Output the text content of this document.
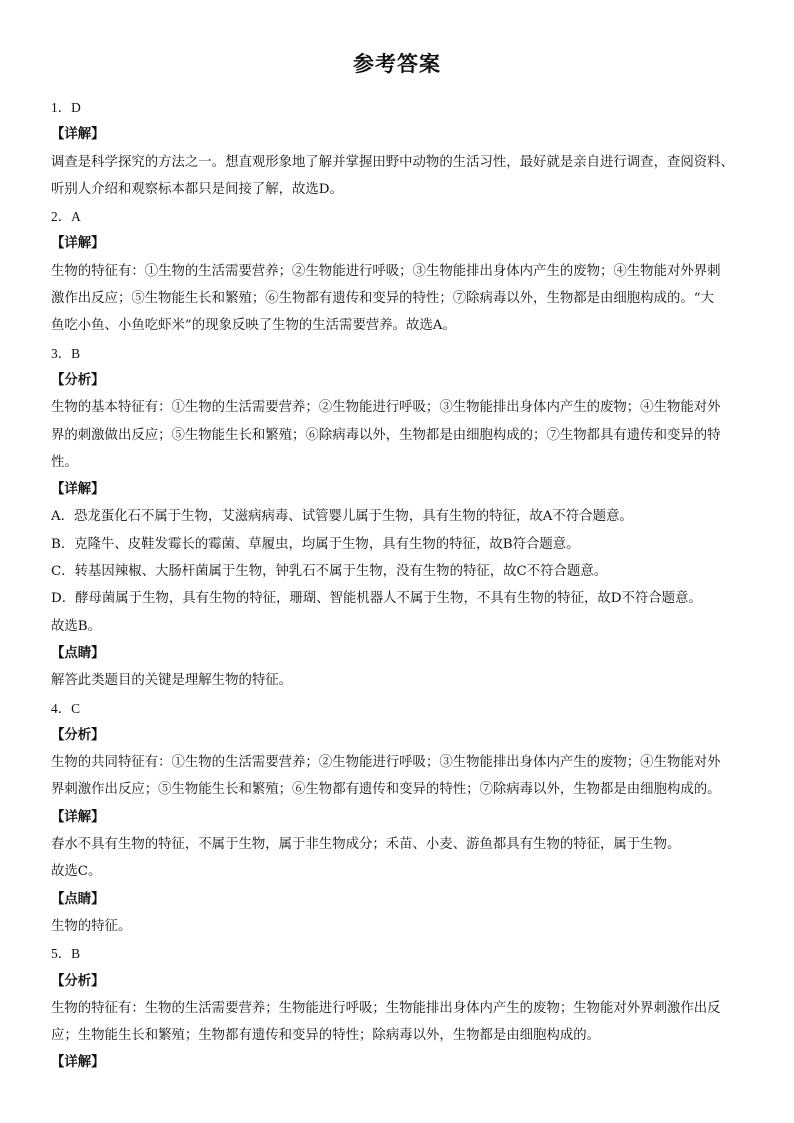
参考答案
1．D
【详解】
调查是科学探究的方法之一。想直观形象地了解并掌握田野中动物的生活习性，最好就是亲自进行调查，查阅资料、
听别人介绍和观察标本都只是间接了解，故选D。
2．A
【详解】
生物的特征有：①生物的生活需要营养；②生物能进行呼吸；③生物能排出身体内产生的废物；④生物能对外界刺
激作出反应；⑤生物能生长和繁殖；⑥生物都有遗传和变异的特性；⑦除病毒以外，生物都是由细胞构成的。“大
鱼吃小鱼、小鱼吃虾米”的现象反映了生物的生活需要营养。故选A。
3．B
【分析】
生物的基本特征有：①生物的生活需要营养；②生物能进行呼吸；③生物能排出身体内产生的废物；④生物能对外
界的刺激做出反应；⑤生物能生长和繁殖；⑥除病毒以外，生物都是由细胞构成的；⑦生物都具有遗传和变异的特
性。
【详解】
A．恐龙蛋化石不属于生物，艾滋病病毒、试管婴儿属于生物，具有生物的特征，故A不符合题意。
B．克隆牛、皮鞋发霉长的霉菌、草履虫，均属于生物，具有生物的特征，故B符合题意。
C．转基因辣椒、大肠杆菌属于生物，钟乳石不属于生物，没有生物的特征，故C不符合题意。
D．酵母菌属于生物，具有生物的特征，珊瑚、智能机器人不属于生物，不具有生物的特征，故D不符合题意。
故选B。
【点睛】
解答此类题目的关键是理解生物的特征。
4．C
【分析】
生物的共同特征有：①生物的生活需要营养；②生物能进行呼吸；③生物能排出身体内产生的废物；④生物能对外
界刺激作出反应；⑤生物能生长和繁殖；⑥生物都有遗传和变异的特性；⑦除病毒以外，生物都是由细胞构成的。
【详解】
春水不具有生物的特征，不属于生物，属于非生物成分；禾苗、小麦、游鱼都具有生物的特征，属于生物。
故选C。
【点睛】
生物的特征。
5．B
【分析】
生物的特征有：生物的生活需要营养；生物能进行呼吸；生物能排出身体内产生的废物；生物能对外界刺激作出反
应；生物能生长和繁殖；生物都有遗传和变异的特性；除病毒以外，生物都是由细胞构成的。
【详解】
